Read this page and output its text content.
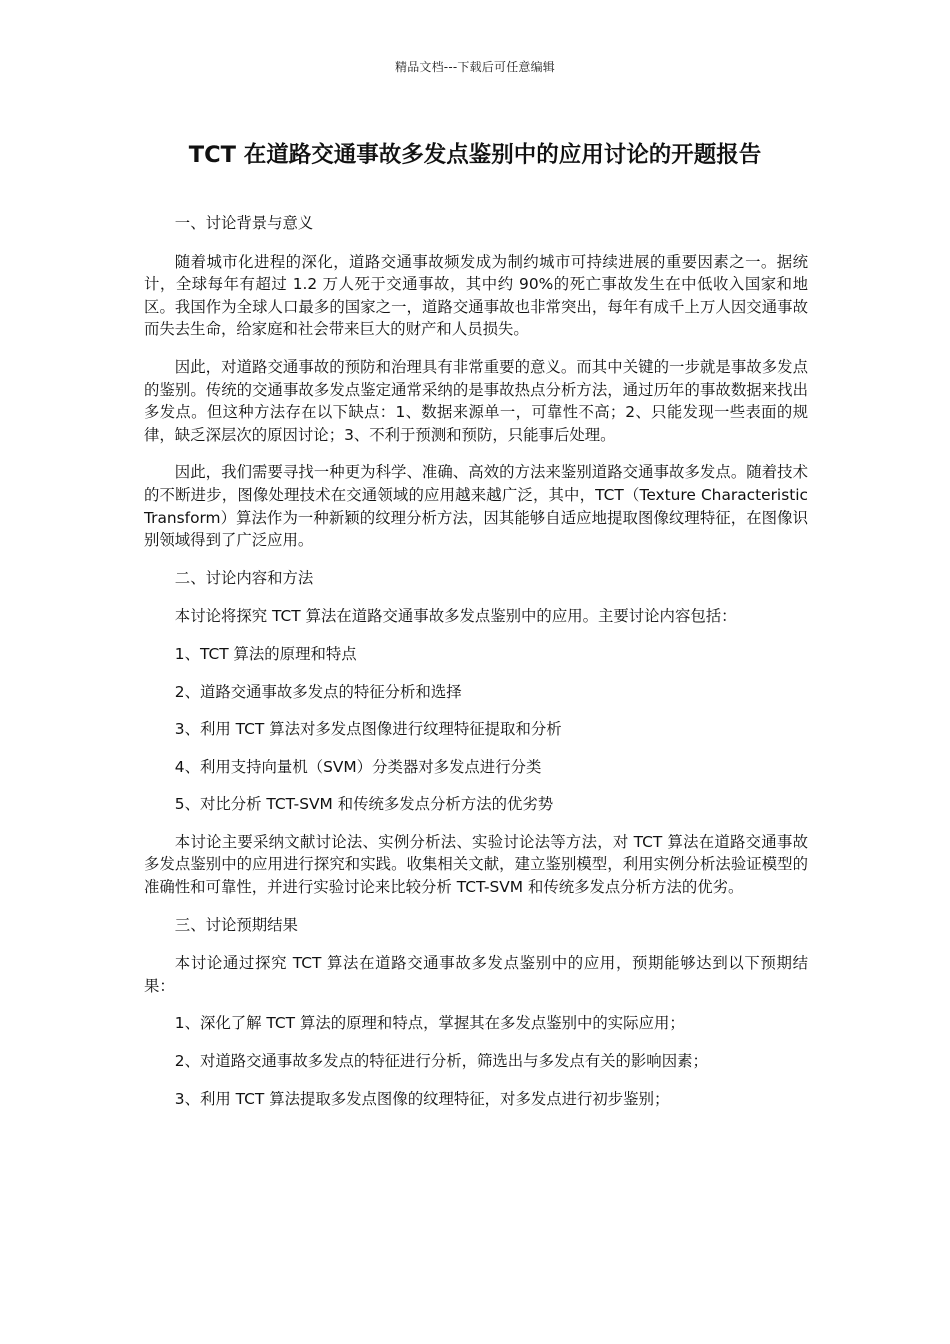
精品文档---下载后可任意编辑
TCT 在道路交通事故多发点鉴别中的应用讨论的开题报告

一、讨论背景与意义

随着城市化进程的深化，道路交通事故频发成为制约城市可持续进展的重要因素之一。据统计，全球每年有超过 1.2 万人死于交通事故，其中约 90%的死亡事故发生在中低收入国家和地区。我国作为全球人口最多的国家之一，道路交通事故也非常突出，每年有成千上万人因交通事故而失去生命，给家庭和社会带来巨大的财产和人员损失。

因此，对道路交通事故的预防和治理具有非常重要的意义。而其中关键的一步就是事故多发点的鉴别。传统的交通事故多发点鉴定通常采纳的是事故热点分析方法，通过历年的事故数据来找出多发点。但这种方法存在以下缺点：1、数据来源单一，可靠性不高；2、只能发现一些表面的规律，缺乏深层次的原因讨论；3、不利于预测和预防，只能事后处理。

因此，我们需要寻找一种更为科学、准确、高效的方法来鉴别道路交通事故多发点。随着技术的不断进步，图像处理技术在交通领域的应用越来越广泛，其中，TCT（Texture Characteristic Transform）算法作为一种新颖的纹理分析方法，因其能够自适应地提取图像纹理特征，在图像识别领域得到了广泛应用。

二、讨论内容和方法

本讨论将探究 TCT 算法在道路交通事故多发点鉴别中的应用。主要讨论内容包括：

1、TCT 算法的原理和特点

2、道路交通事故多发点的特征分析和选择

3、利用 TCT 算法对多发点图像进行纹理特征提取和分析

4、利用支持向量机（SVM）分类器对多发点进行分类

5、对比分析 TCT-SVM 和传统多发点分析方法的优劣势

本讨论主要采纳文献讨论法、实例分析法、实验讨论法等方法，对 TCT 算法在道路交通事故多发点鉴别中的应用进行探究和实践。收集相关文献，建立鉴别模型，利用实例分析法验证模型的准确性和可靠性，并进行实验讨论来比较分析 TCT-SVM 和传统多发点分析方法的优劣。

三、讨论预期结果

本讨论通过探究 TCT 算法在道路交通事故多发点鉴别中的应用，预期能够达到以下预期结果：

1、深化了解 TCT 算法的原理和特点，掌握其在多发点鉴别中的实际应用；

2、对道路交通事故多发点的特征进行分析，筛选出与多发点有关的影响因素；

3、利用 TCT 算法提取多发点图像的纹理特征，对多发点进行初步鉴别；
